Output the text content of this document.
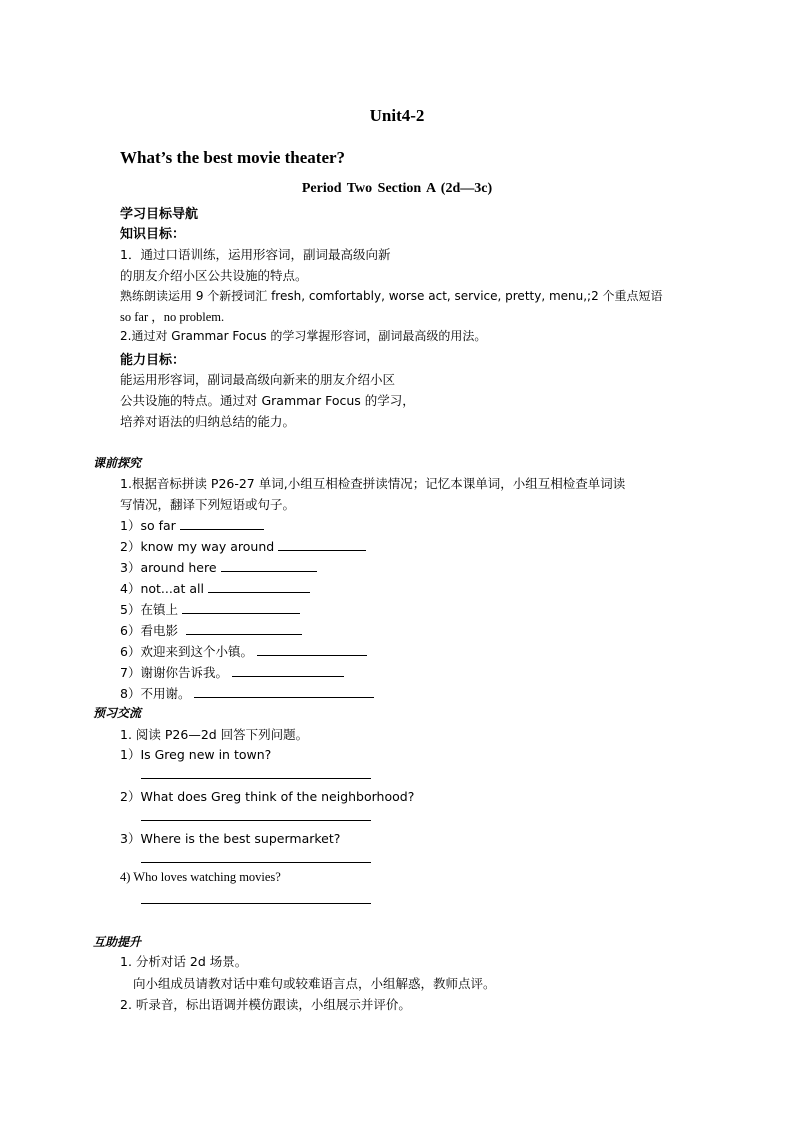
Unit4-2
What’s the best movie theater?
Period Two Section A (2d—3c)
学习目标导航
知识目标：
1．通过口语训练，运用形容词，副词最高级向新
的朋友介绍小区公共设施的特点。
熟练朗读运用 9 个新授词汇 fresh, comfortably, worse act, service, pretty, menu,;2 个重点短语
so far ，no problem.
2.通过对 Grammar Focus 的学习掌握形容词，副词最高级的用法。
能力目标：
能运用形容词，副词最高级向新来的朋友介绍小区
公共设施的特点。通过对 Grammar Focus 的学习，
培养对语法的归纳总结的能力。
课前探究
1.根据音标拼读 P26-27 单词,小组互相检查拼读情况；记忆本课单词，小组互相检查单词读
写情况，翻译下列短语或句子。
1）so far
2）know my way around
3）around here
4）not...at all
5）在镇上
6）看电影
6）欢迎来到这个小镇。
7）谢谢你告诉我。
8）不用谢。
预习交流
1. 阅读 P26—2d 回答下列问题。
1）Is Greg new in town?
2）What does Greg think of the neighborhood?
3）Where is the best supermarket?
4) Who loves watching movies?
互助提升
1. 分析对话 2d 场景。
向小组成员请教对话中难句或较难语言点，小组解惑，教师点评。
2. 听录音，标出语调并模仿跟读，小组展示并评价。
